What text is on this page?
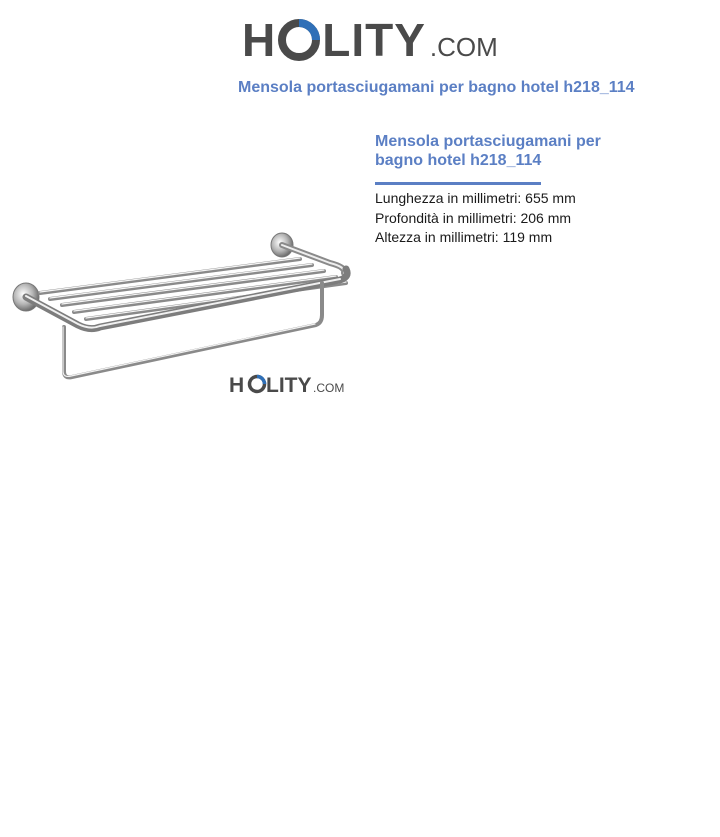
H LITY .COM
Mensola portasciugamani per bagno hotel h218_114
H LITY .COM
Mensola portasciugamani per
bagno hotel h218_114
Lunghezza in millimetri: 655 mm
Profondità in millimetri: 206 mm
Altezza in millimetri: 119 mm
